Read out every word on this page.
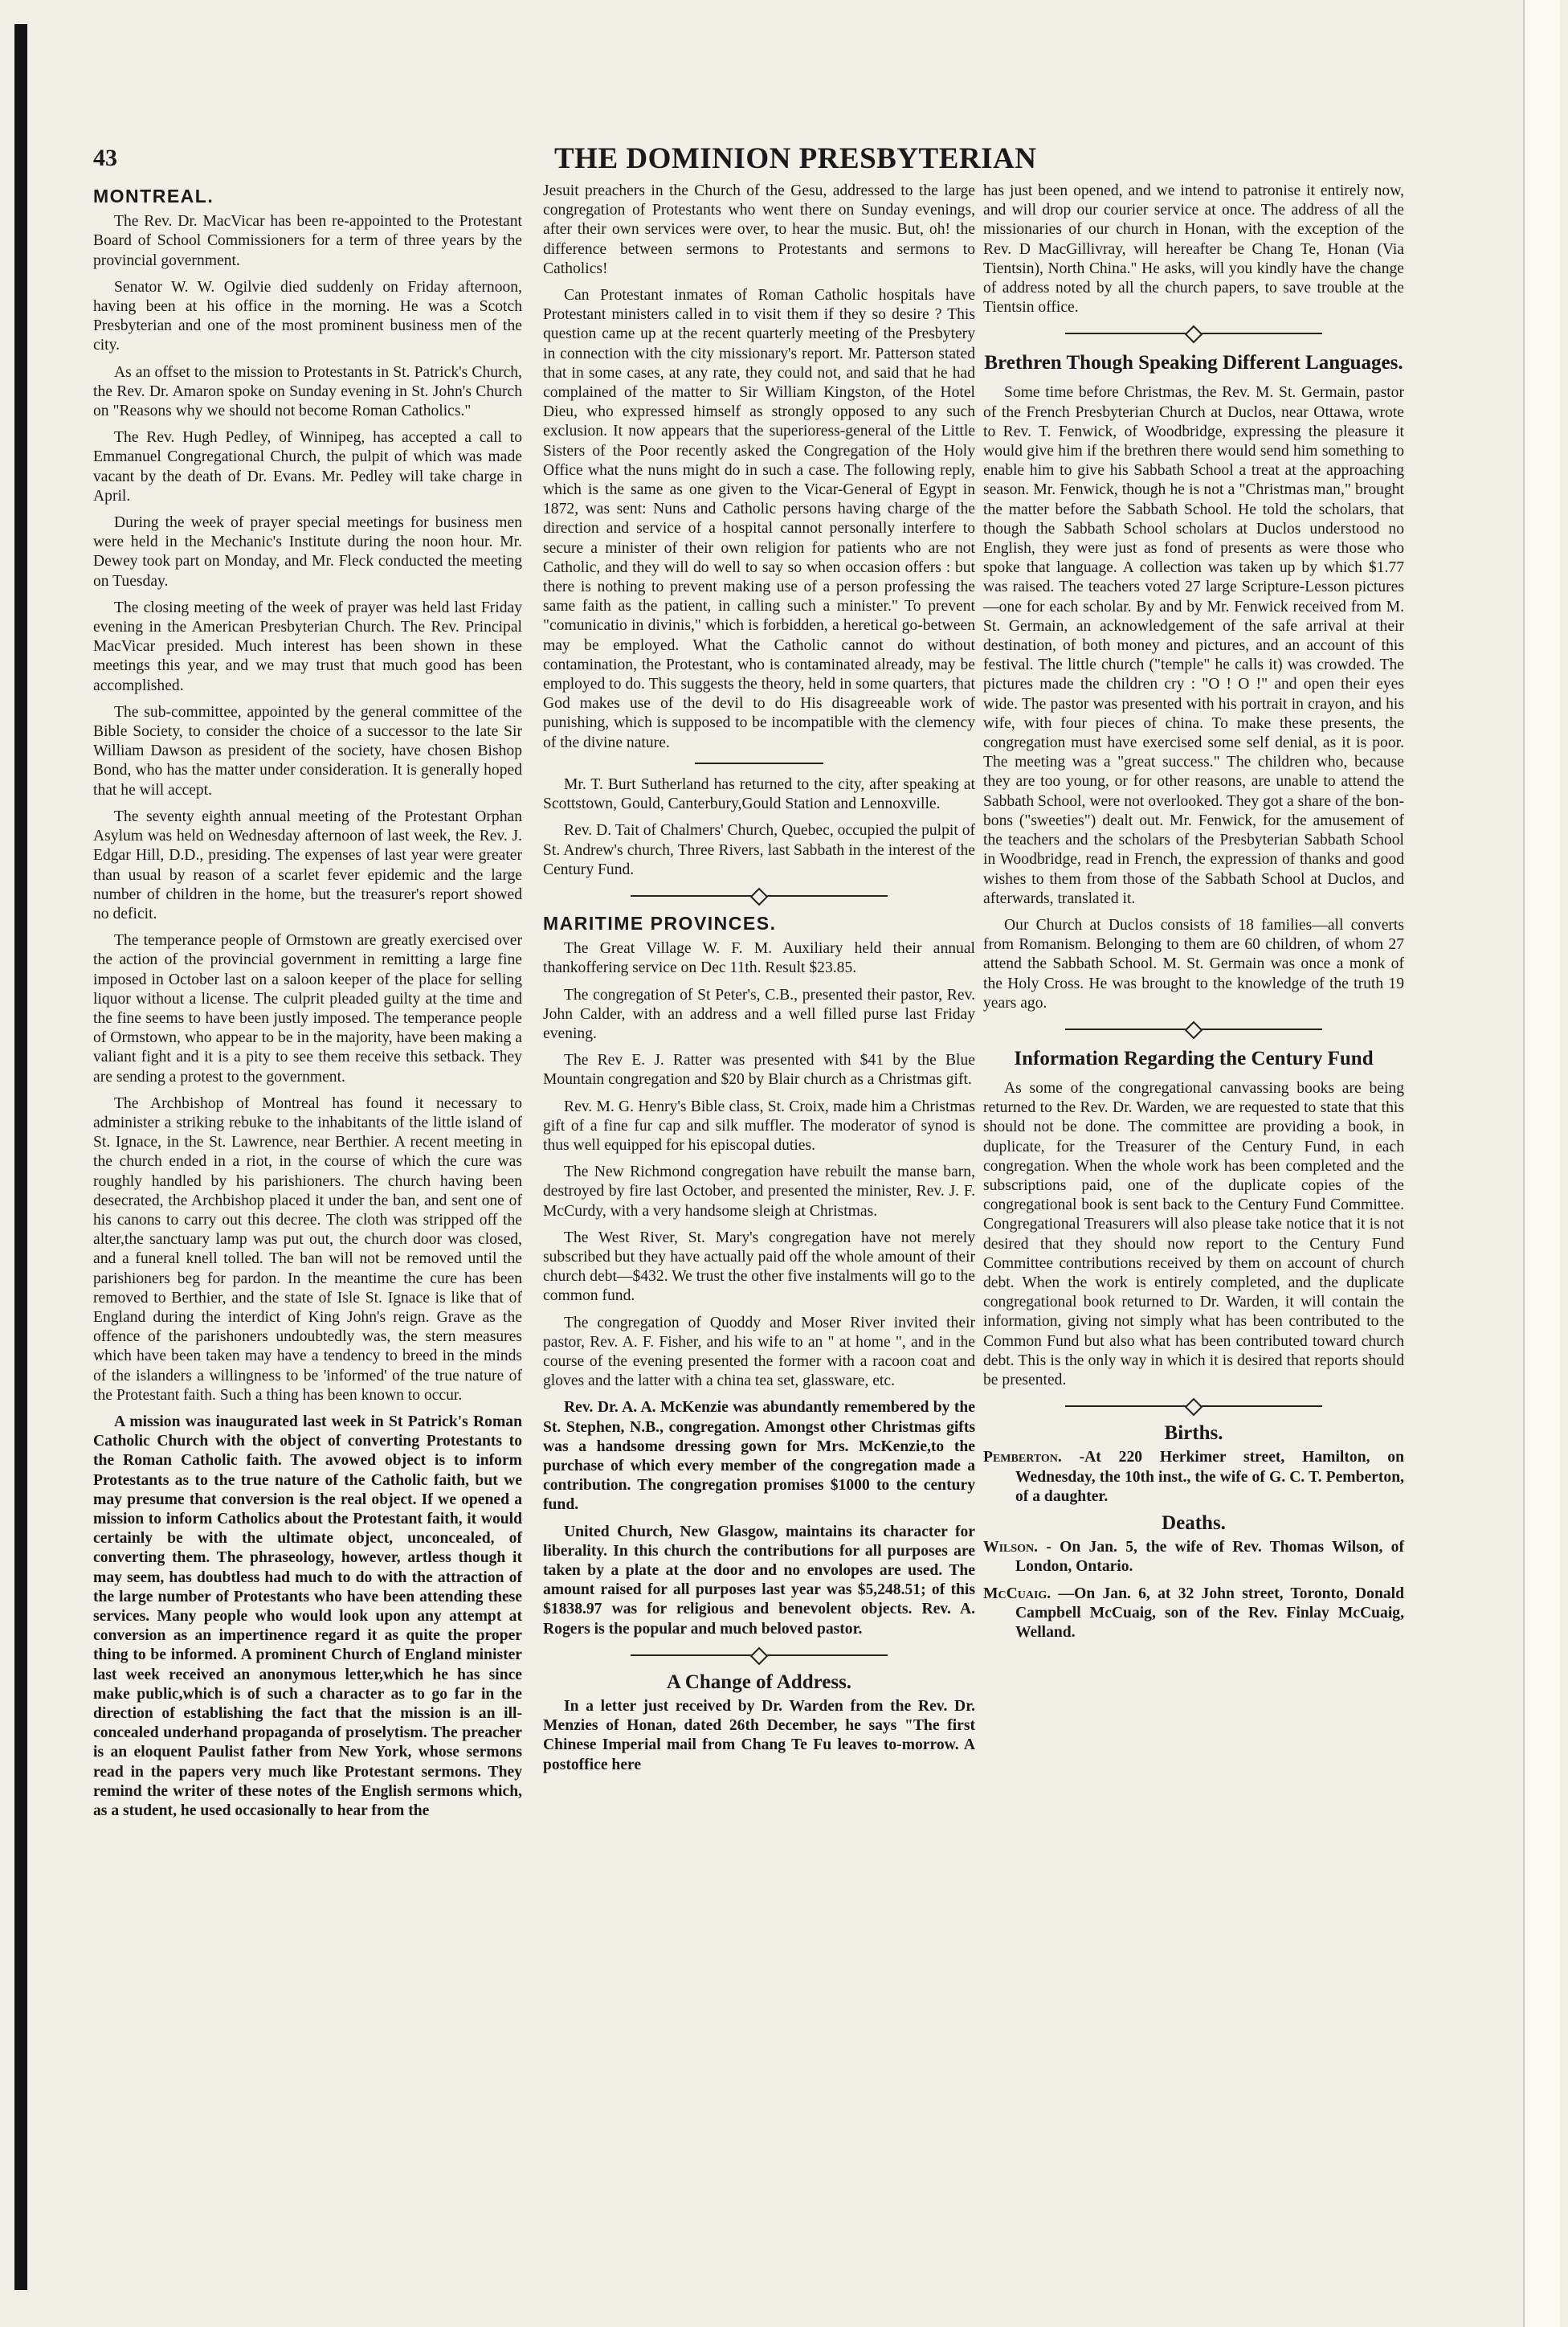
43	THE DOMINION PRESBYTERIAN
MONTREAL.

The Rev. Dr. MacVicar has been re-appointed to the Protestant Board of School Commissioners for a term of three years by the provincial government.

Senator W. W. Ogilvie died suddenly on Friday afternoon, having been at his office in the morning. He was a Scotch Presbyterian and one of the most prominent business men of the city.

As an offset to the mission to Protestants in St. Patrick's Church, the Rev. Dr. Amaron spoke on Sunday evening in St. John's Church on "Reasons why we should not become Roman Catholics."

The Rev. Hugh Pedley, of Winnipeg, has accepted a call to Emmanuel Congregational Church, the pulpit of which was made vacant by the death of Dr. Evans. Mr. Pedley will take charge in April.

During the week of prayer special meetings for business men were held in the Mechanic's Institute during the noon hour. Mr. Dewey took part on Monday, and Mr. Fleck conducted the meeting on Tuesday.

The closing meeting of the week of prayer was held last Friday evening in the American Presbyterian Church. The Rev. Principal MacVicar presided. Much interest has been shown in these meetings this year, and we may trust that much good has been accomplished.

The sub-committee, appointed by the general committee of the Bible Society, to consider the choice of a successor to the late Sir William Dawson as president of the society, have chosen Bishop Bond, who has the matter under consideration. It is generally hoped that he will accept.

The seventy eighth annual meeting of the Protestant Orphan Asylum was held on Wednesday afternoon of last week, the Rev. J. Edgar Hill, D.D., presiding. The expenses of last year were greater than usual by reason of a scarlet fever epidemic and the large number of children in the home, but the treasurer's report showed no deficit.

The temperance people of Ormstown are greatly exercised over the action of the provincial government in remitting a large fine imposed in October last on a saloon keeper of the place for selling liquor without a license. The culprit pleaded guilty at the time and the fine seems to have been justly imposed. The temperance people of Ormstown, who appear to be in the majority, have been making a valiant fight and it is a pity to see them receive this setback. They are sending a protest to the government.

The Archbishop of Montreal has found it necessary to administer a striking rebuke to the inhabitants of the little island of St. Ignace, in the St. Lawrence, near Berthier. A recent meeting in the church ended in a riot, in the course of which the cure was roughly handled by his parishioners. The church having been desecrated, the Archbishop placed it under the ban, and sent one of his canons to carry out this decree. The cloth was stripped off the alter,the sanctuary lamp was put out, the church door was closed, and a funeral knell tolled. The ban will not be removed until the parishioners beg for pardon. In the meantime the cure has been removed to Berthier, and the state of Isle St. Ignace is like that of England during the interdict of King John's reign. Grave as the offence of the parishoners undoubtedly was, the stern measures which have been taken may have a tendency to breed in the minds of the islanders a willingness to be 'informed' of the true nature of the Protestant faith. Such a thing has been known to occur.

A mission was inaugurated last week in St Patrick's Roman Catholic Church with the object of converting Protestants to the Roman Catholic faith. The avowed object is to inform Protestants as to the true nature of the Catholic faith, but we may presume that conversion is the real object. If we opened a mission to inform Catholics about the Protestant faith, it would certainly be with the ultimate object, unconcealed, of converting them. The phraseology, however, artless though it may seem, has doubtless had much to do with the attraction of the large number of Protestants who have been attending these services. Many people who would look upon any attempt at conversion as an impertinence regard it as quite the proper thing to be informed. A prominent Church of England minister last week received an anonymous letter,which he has since make public,which is of such a character as to go far in the direction of establishing the fact that the mission is an ill-concealed underhand propaganda of proselytism. The preacher is an eloquent Paulist father from New York, whose sermons read in the papers very much like Protestant sermons. They remind the writer of these notes of the English sermons which, as a student, he used occasionally to hear from the

Jesuit preachers in the Church of the Gesu, addressed to the large congregation of Protestants who went there on Sunday evenings, after their own services were over, to hear the music. But, oh! the difference between sermons to Protestants and sermons to Catholics!

Can Protestant inmates of Roman Catholic hospitals have Protestant ministers called in to visit them if they so desire ? This question came up at the recent quarterly meeting of the Presbytery in connection with the city missionary's report. Mr. Patterson stated that in some cases, at any rate, they could not, and said that he had complained of the matter to Sir William Kingston, of the Hotel Dieu, who expressed himself as strongly opposed to any such exclusion. It now appears that the superioress-general of the Little Sisters of the Poor recently asked the Congregation of the Holy Office what the nuns might do in such a case. The following reply, which is the same as one given to the Vicar-General of Egypt in 1872, was sent: Nuns and Catholic persons having charge of the direction and service of a hospital cannot personally interfere to secure a minister of their own religion for patients who are not Catholic, and they will do well to say so when occasion offers : but there is nothing to prevent making use of a person professing the same faith as the patient, in calling such a minister." To prevent "comunicatio in divinis," which is forbidden, a heretical go-between may be employed. What the Catholic cannot do without contamination, the Protestant, who is contaminated already, may be employed to do. This suggests the theory, held in some quarters, that God makes use of the devil to do His disagreeable work of punishing, which is supposed to be incompatible with the clemency of the divine nature.

Mr. T. Burt Sutherland has returned to the city, after speaking at Scottstown, Gould, Canterbury,Gould Station and Lennoxville.

Rev. D. Tait of Chalmers' Church, Quebec, occupied the pulpit of St. Andrew's church, Three Rivers, last Sabbath in the interest of the Century Fund.

MARITIME PROVINCES.

The Great Village W. F. M. Auxiliary held their annual thankoffering service on Dec 11th. Result $23.85.

The congregation of St Peter's, C.B., presented their pastor, Rev. John Calder, with an address and a well filled purse last Friday evening.

The Rev E. J. Ratter was presented with $41 by the Blue Mountain congregation and $20 by Blair church as a Christmas gift.

Rev. M. G. Henry's Bible class, St. Croix, made him a Christmas gift of a fine fur cap and silk muffler. The moderator of synod is thus well equipped for his episcopal duties.

The New Richmond congregation have rebuilt the manse barn, destroyed by fire last October, and presented the minister, Rev. J. F. McCurdy, with a very handsome sleigh at Christmas.

The West River, St. Mary's congregation have not merely subscribed but they have actually paid off the whole amount of their church debt—$432. We trust the other five instalments will go to the common fund.

The congregation of Quoddy and Moser River invited their pastor, Rev. A. F. Fisher, and his wife to an " at home ", and in the course of the evening presented the former with a racoon coat and gloves and the latter with a china tea set, glassware, etc.

Rev. Dr. A. A. McKenzie was abundantly remembered by the St. Stephen, N.B., congregation. Amongst other Christmas gifts was a handsome dressing gown for Mrs. McKenzie,to the purchase of which every member of the congregation made a contribution. The congregation promises $1000 to the century fund.

United Church, New Glasgow, maintains its character for liberality. In this church the contributions for all purposes are taken by a plate at the door and no envolopes are used. The amount raised for all purposes last year was $5,248.51; of this $1838.97 was for religious and benevolent objects. Rev. A. Rogers is the popular and much beloved pastor.

A Change of Address.

In a letter just received by Dr. Warden from the Rev. Dr. Menzies of Honan, dated 26th December, he says "The first Chinese Imperial mail from Chang Te Fu leaves to-morrow. A postoffice here

has just been opened, and we intend to patronise it entirely now, and will drop our courier service at once. The address of all the missionaries of our church in Honan, with the exception of the Rev. D MacGillivray, will hereafter be Chang Te, Honan (Via Tientsin), North China." He asks, will you kindly have the change of address noted by all the church papers, to save trouble at the Tientsin office.

Brethren Though Speaking Different Languages.

Some time before Christmas, the Rev. M. St. Germain, pastor of the French Presbyterian Church at Duclos, near Ottawa, wrote to Rev. T. Fenwick, of Woodbridge, expressing the pleasure it would give him if the brethren there would send him something to enable him to give his Sabbath School a treat at the approaching season. Mr. Fenwick, though he is not a "Christmas man," brought the matter before the Sabbath School. He told the scholars, that though the Sabbath School scholars at Duclos understood no English, they were just as fond of presents as were those who spoke that language. A collection was taken up by which $1.77 was raised. The teachers voted 27 large Scripture-Lesson pictures—one for each scholar. By and by Mr. Fenwick received from M. St. Germain, an acknowledgement of the safe arrival at their destination, of both money and pictures, and an account of this festival. The little church ("temple" he calls it) was crowded. The pictures made the children cry : "O ! O !" and open their eyes wide. The pastor was presented with his portrait in crayon, and his wife, with four pieces of china. To make these presents, the congregation must have exercised some self denial, as it is poor. The meeting was a "great success." The children who, because they are too young, or for other reasons, are unable to attend the Sabbath School, were not overlooked. They got a share of the bon-bons ("sweeties") dealt out. Mr. Fenwick, for the amusement of the teachers and the scholars of the Presbyterian Sabbath School in Woodbridge, read in French, the expression of thanks and good wishes to them from those of the Sabbath School at Duclos, and afterwards, translated it.

Our Church at Duclos consists of 18 families—all converts from Romanism. Belonging to them are 60 children, of whom 27 attend the Sabbath School. M. St. Germain was once a monk of the Holy Cross. He was brought to the knowledge of the truth 19 years ago.

Information Regarding the Century Fund

As some of the congregational canvassing books are being returned to the Rev. Dr. Warden, we are requested to state that this should not be done. The committee are providing a book, in duplicate, for the Treasurer of the Century Fund, in each congregation. When the whole work has been completed and the subscriptions paid, one of the duplicate copies of the congregational book is sent back to the Century Fund Committee. Congregational Treasurers will also please take notice that it is not desired that they should now report to the Century Fund Committee contributions received by them on account of church debt. When the work is entirely completed, and the duplicate congregational book returned to Dr. Warden, it will contain the information, giving not simply what has been contributed to the Common Fund but also what has been contributed toward church debt. This is the only way in which it is desired that reports should be presented.

Births.

Pemberton. -At 220 Herkimer street, Hamilton, on Wednesday, the 10th inst., the wife of G. C. T. Pemberton, of a daughter.

Deaths.

Wilson. - On Jan. 5, the wife of Rev. Thomas Wilson, of London, Ontario.

McCuaig. —On Jan. 6, at 32 John street, Toronto, Donald Campbell McCuaig, son of the Rev. Finlay McCuaig, Welland.
